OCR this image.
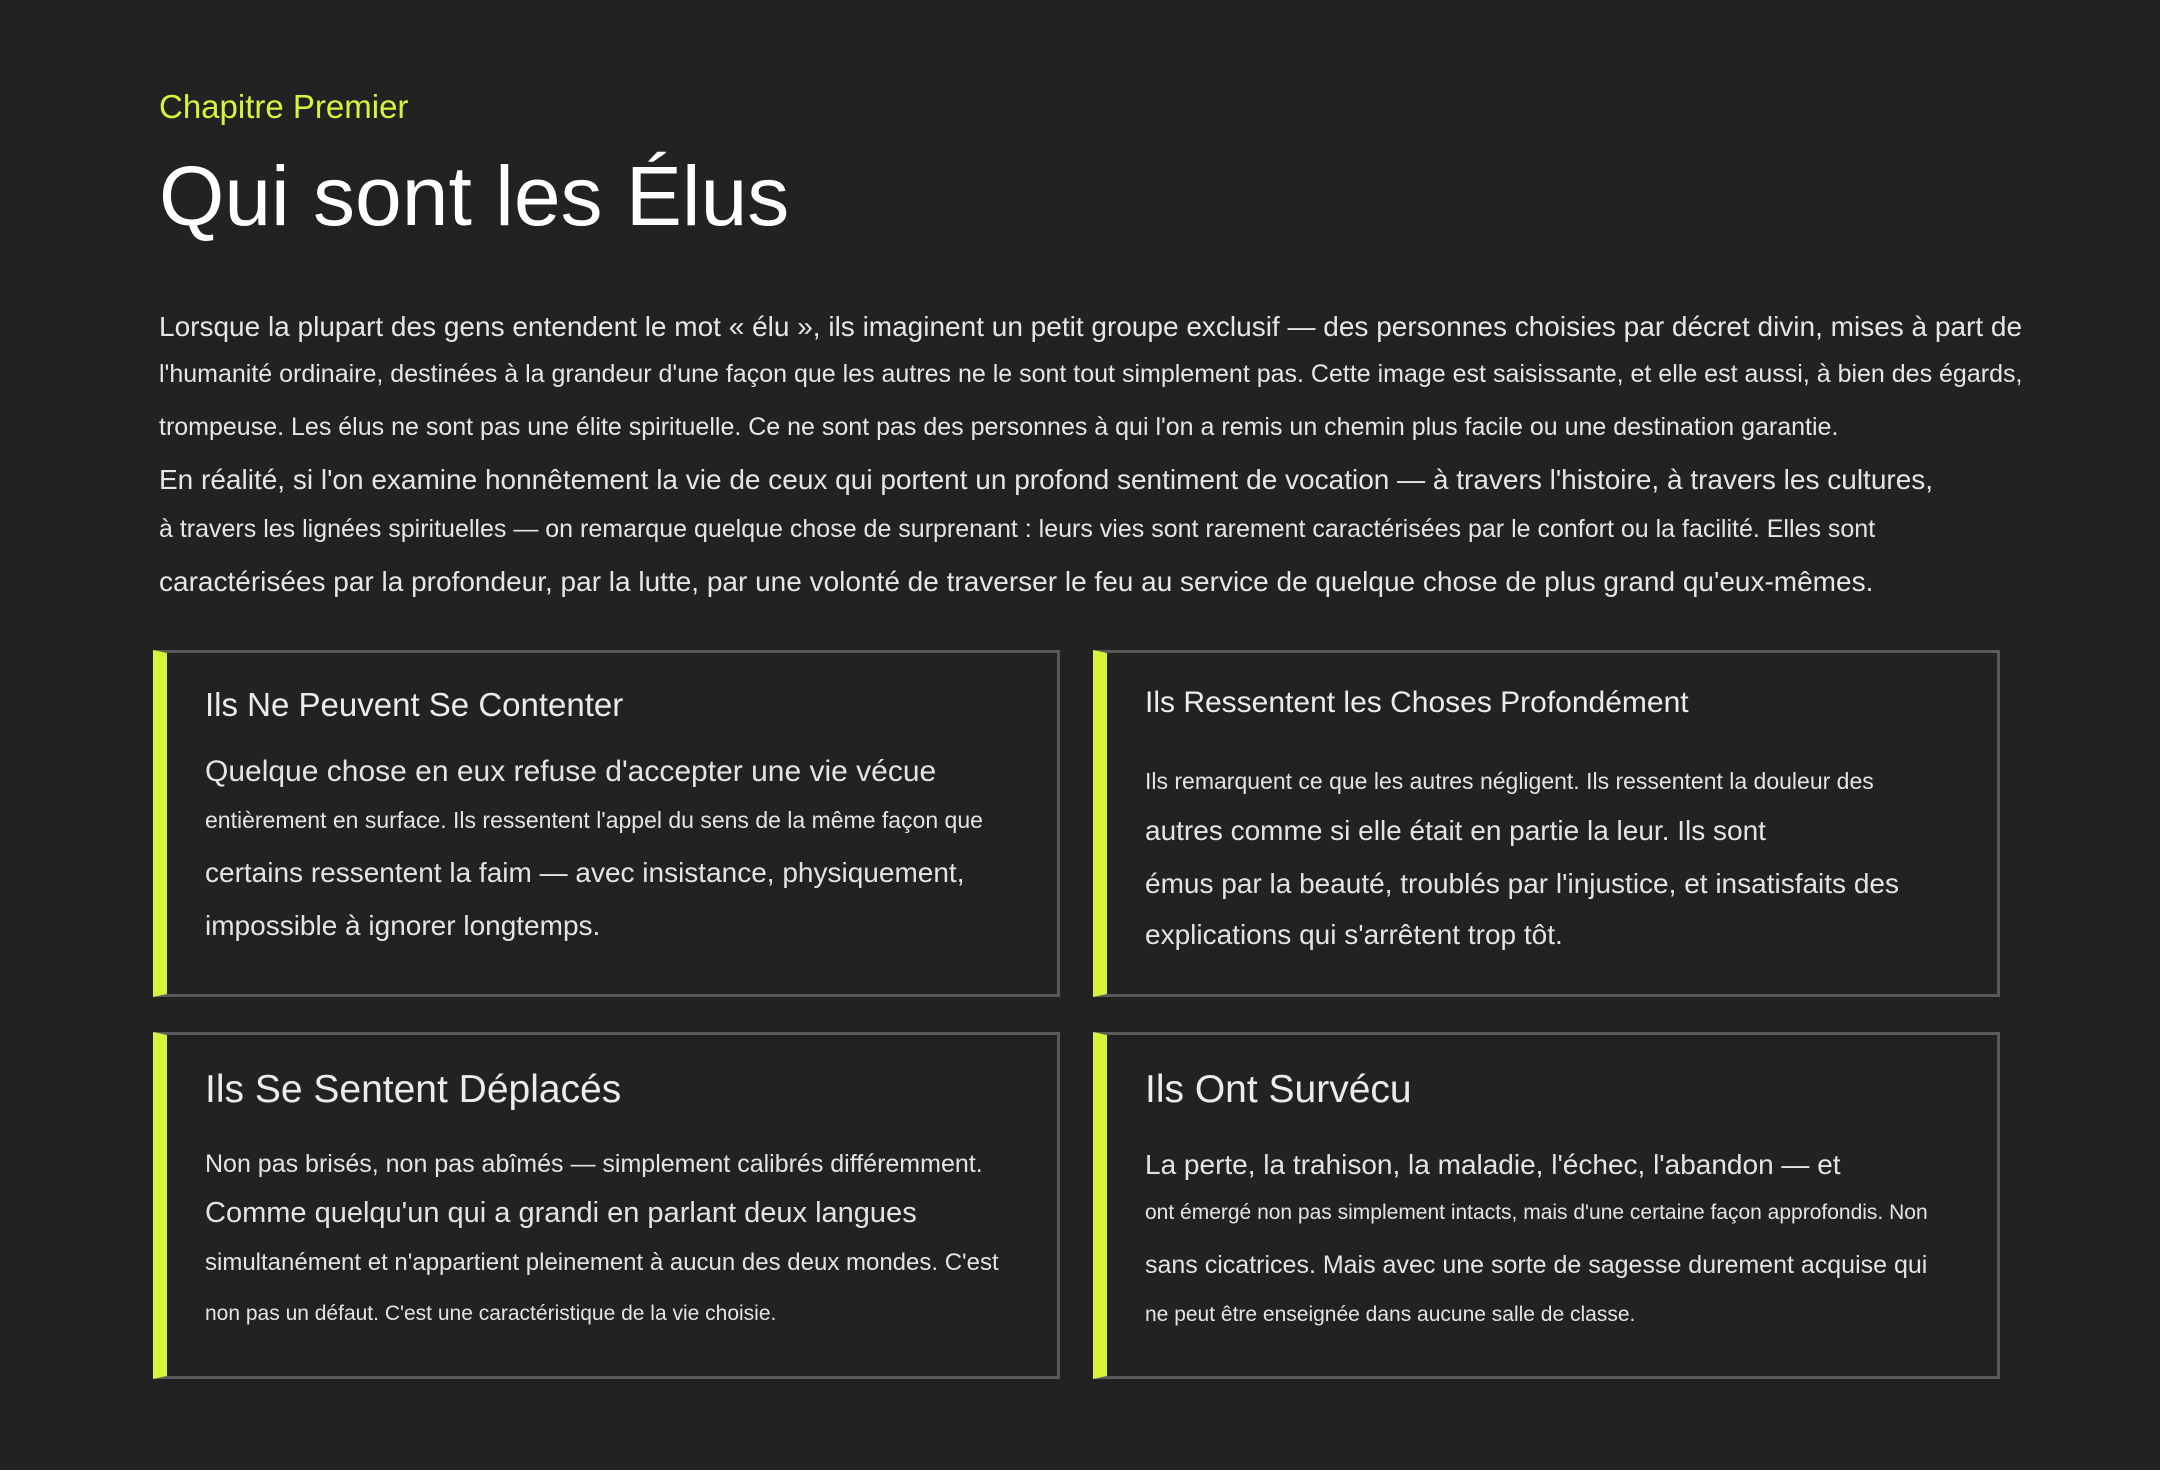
Chapitre Premier
Qui sont les Élus

Lorsque la plupart des gens entendent le mot « élu », ils imaginent un petit groupe exclusif — des personnes choisies par décret divin, mises à part de
l'humanité ordinaire, destinées à la grandeur d'une façon que les autres ne le sont tout simplement pas. Cette image est saisissante, et elle est aussi, à bien des égards,
trompeuse. Les élus ne sont pas une élite spirituelle. Ce ne sont pas des personnes à qui l'on a remis un chemin plus facile ou une destination garantie.

En réalité, si l'on examine honnêtement la vie de ceux qui portent un profond sentiment de vocation — à travers l'histoire, à travers les cultures,
à travers les lignées spirituelles — on remarque quelque chose de surprenant : leurs vies sont rarement caractérisées par le confort ou la facilité. Elles sont
caractérisées par la profondeur, par la lutte, par une volonté de traverser le feu au service de quelque chose de plus grand qu'eux-mêmes.

Ils Ne Peuvent Se Contenter
Quelque chose en eux refuse d'accepter une vie vécue
entièrement en surface. Ils ressentent l'appel du sens de la même façon que
certains ressentent la faim — avec insistance, physiquement,
impossible à ignorer longtemps.
Ils Ressentent les Choses Profondément
Ils remarquent ce que les autres négligent. Ils ressentent la douleur des
autres comme si elle était en partie la leur. Ils sont
émus par la beauté, troublés par l'injustice, et insatisfaits des
explications qui s'arrêtent trop tôt.
Ils Se Sentent Déplacés
Non pas brisés, non pas abîmés — simplement calibrés différemment.
Comme quelqu'un qui a grandi en parlant deux langues
simultanément et n'appartient pleinement à aucun des deux mondes. C'est
non pas un défaut. C'est une caractéristique de la vie choisie.
Ils Ont Survécu
La perte, la trahison, la maladie, l'échec, l'abandon — et
ont émergé non pas simplement intacts, mais d'une certaine façon approfondis. Non
sans cicatrices. Mais avec une sorte de sagesse durement acquise qui
ne peut être enseignée dans aucune salle de classe.
